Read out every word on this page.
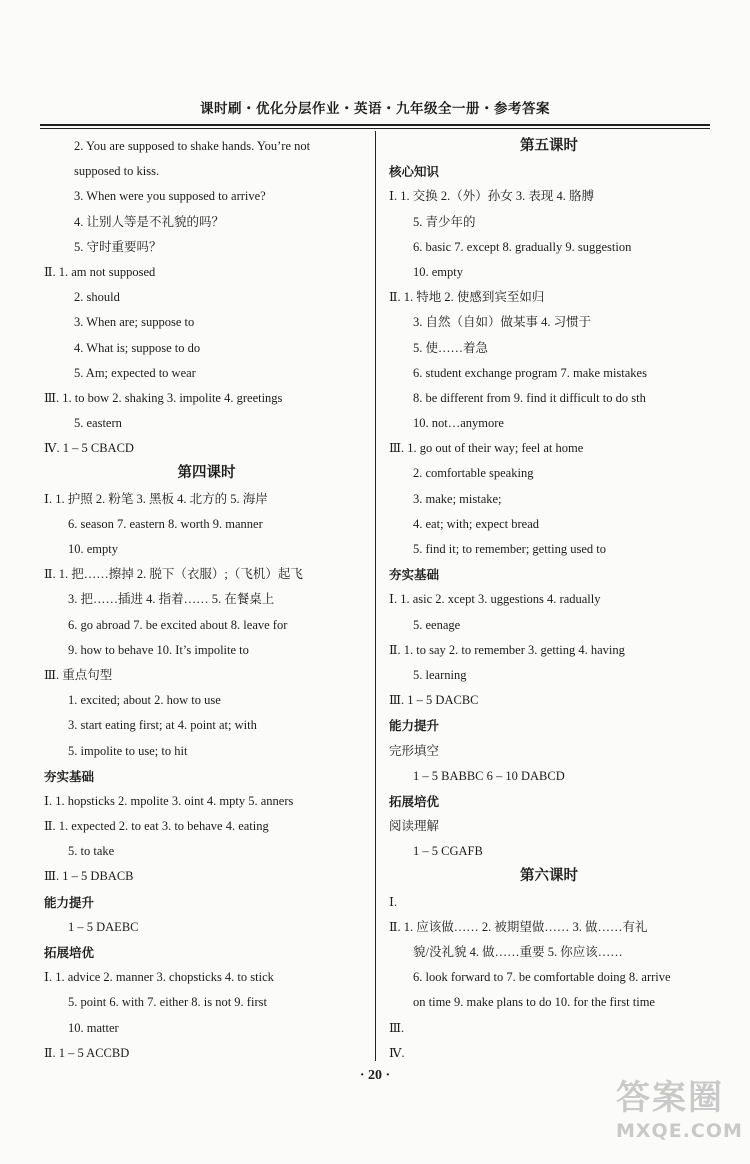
课时刷・优化分层作业・英语・九年级全一册・参考答案
2. You are supposed to shake hands. You’re not
supposed to kiss.
3. When were you supposed to arrive?
4. 让别人等是不礼貌的吗？
5. 守时重要吗？
Ⅱ. 1. am not supposed
2. should
3. When are; suppose to
4. What is; suppose to do
5. Am; expected to wear
Ⅲ. 1. to bow 2. shaking 3. impolite 4. greetings
5. eastern
Ⅳ. 1 – 5 CBACD
第四课时
Ⅰ. 1. 护照 2. 粉笔 3. 黑板 4. 北方的 5. 海岸
6. season 7. eastern 8. worth 9. manner
10. empty
Ⅱ. 1. 把……擦掉 2. 脱下（衣服）;（飞机）起飞
3. 把……插进 4. 指着…… 5. 在餐桌上
6. go abroad 7. be excited about 8. leave for
9. how to behave 10. It’s impolite to
Ⅲ. 重点句型
1. excited; about 2. how to use
3. start eating first; at 4. point at; with
5. impolite to use; to hit
夯实基础
Ⅰ. 1. hopsticks 2. mpolite 3. oint 4. mpty 5. anners
Ⅱ. 1. expected 2. to eat 3. to behave 4. eating
5. to take
Ⅲ. 1 – 5 DBACB
能力提升
1 – 5 DAEBC
拓展培优
Ⅰ. 1. advice 2. manner 3. chopsticks 4. to stick
5. point 6. with 7. either 8. is not 9. first
10. matter
Ⅱ. 1 – 5 ACCBD
第五课时
核心知识
Ⅰ. 1. 交换 2.（外）孙女 3. 表现 4. 胳膊
5. 青少年的
6. basic 7. except 8. gradually 9. suggestion
10. empty
Ⅱ. 1. 特地 2. 使感到宾至如归
3. 自然（自如）做某事 4. 习惯于
5. 使……着急
6. student exchange program 7. make mistakes
8. be different from 9. find it difficult to do sth
10. not…anymore
Ⅲ. 1. go out of their way; feel at home
2. comfortable speaking
3. make; mistake;
4. eat; with; expect bread
5. find it; to remember; getting used to
夯实基础
Ⅰ. 1. asic 2. xcept 3. uggestions 4. radually
5. eenage
Ⅱ. 1. to say 2. to remember 3. getting 4. having
5. learning
Ⅲ. 1 – 5 DACBC
能力提升
完形填空
1 – 5 BABBC 6 – 10 DABCD
拓展培优
阅读理解
1 – 5 CGAFB
第六课时
Ⅰ.
Ⅱ. 1. 应该做…… 2. 被期望做…… 3. 做……有礼
貌/没礼貌 4. 做……重要 5. 你应该……
6. look forward to 7. be comfortable doing 8. arrive
on time 9. make plans to do 10. for the first time
Ⅲ.
Ⅳ.
· 20 ·
答案圈
MXQE.COM
